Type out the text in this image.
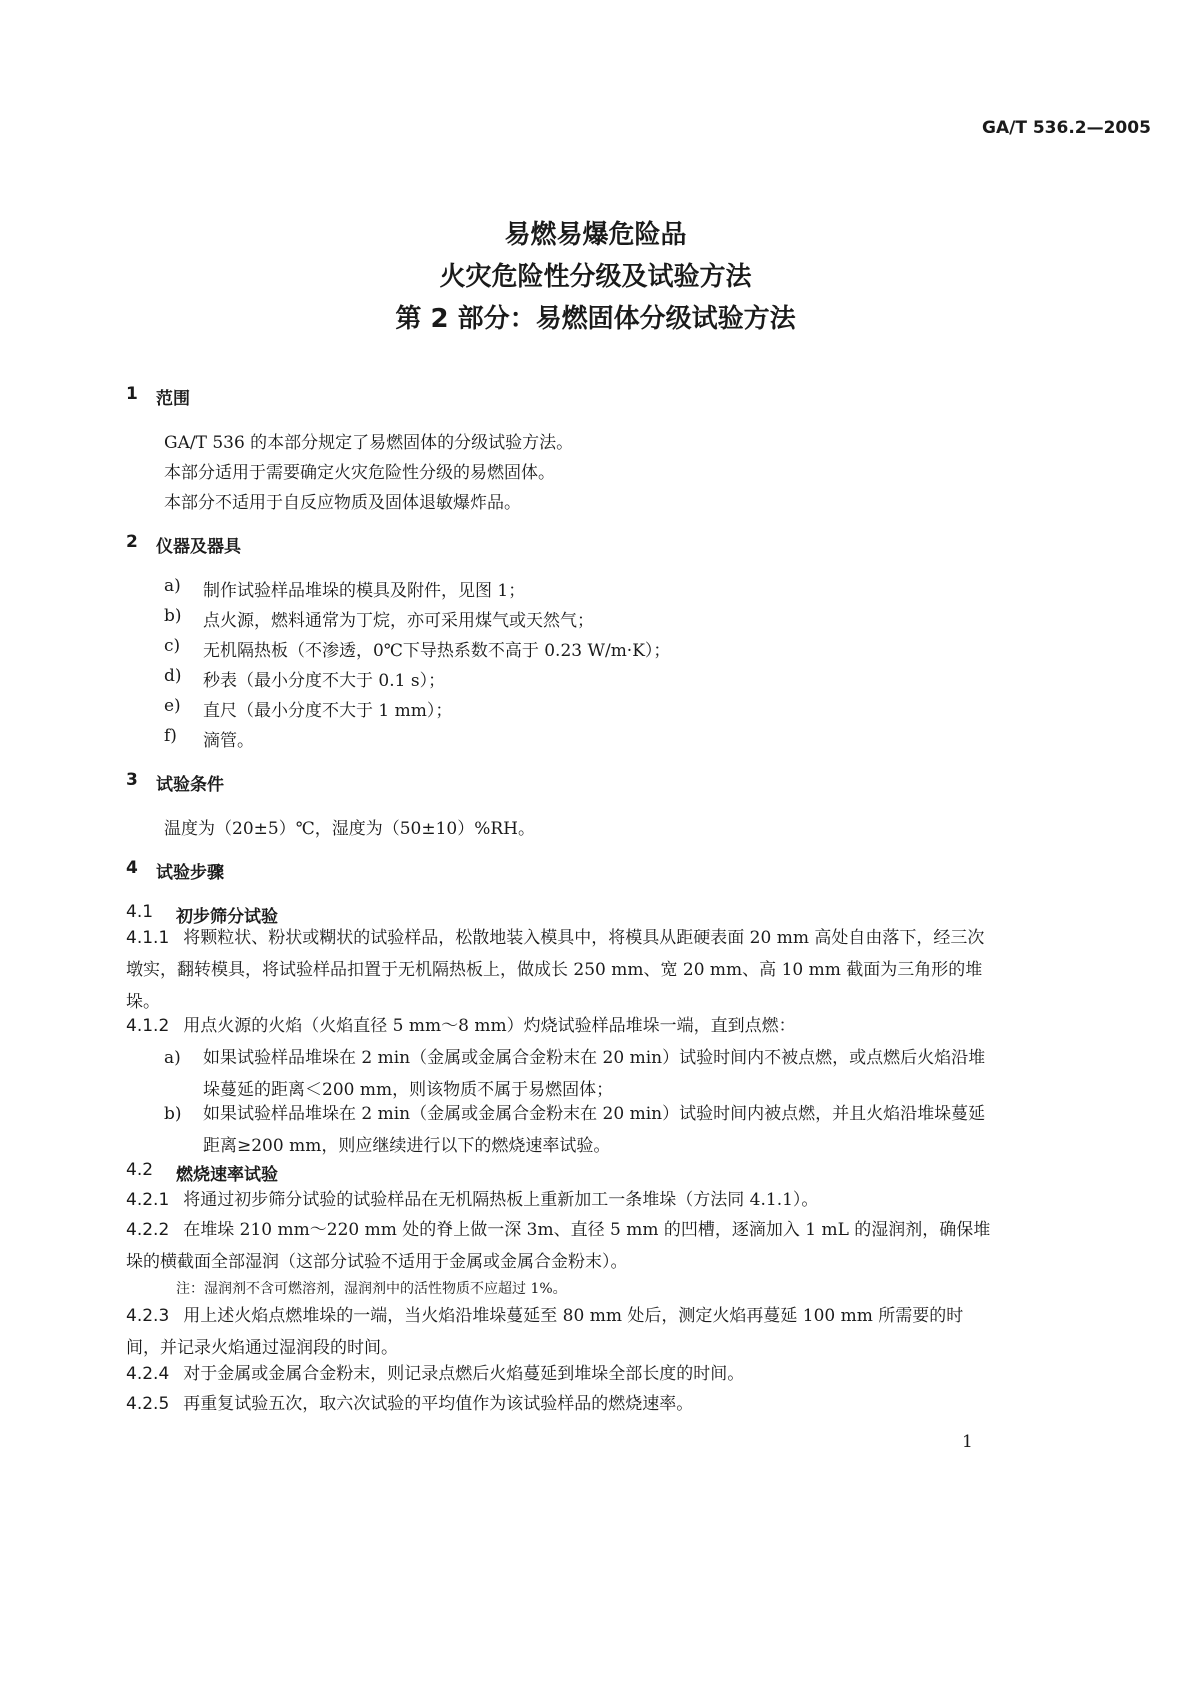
GA/T 536.2—2005
易燃易爆危险品
火灾危险性分级及试验方法
第 2 部分：易燃固体分级试验方法
1 范围
GA/T 536 的本部分规定了易燃固体的分级试验方法。
本部分适用于需要确定火灾危险性分级的易燃固体。
本部分不适用于自反应物质及固体退敏爆炸品。
2 仪器及器具
a) 制作试验样品堆垛的模具及附件，见图 1；
b) 点火源，燃料通常为丁烷，亦可采用煤气或天然气；
c) 无机隔热板（不渗透，0℃下导热系数不高于 0.23 W/m·K）；
d) 秒表（最小分度不大于 0.1 s）；
e) 直尺（最小分度不大于 1 mm）；
f) 滴管。
3 试验条件
温度为（20±5）℃，湿度为（50±10）%RH。
4 试验步骤
4.1 初步筛分试验
4.1.1 将颗粒状、粉状或糊状的试验样品，松散地装入模具中，将模具从距硬表面 20 mm 高处自由落下，经三次墩实，翻转模具，将试验样品扣置于无机隔热板上，做成长 250 mm、宽 20 mm、高 10 mm 截面为三角形的堆垛。
4.1.2 用点火源的火焰（火焰直径 5 mm～8 mm）灼烧试验样品堆垛一端，直到点燃：
a) 如果试验样品堆垛在 2 min（金属或金属合金粉末在 20 min）试验时间内不被点燃，或点燃后火焰沿堆垛蔓延的距离＜200 mm，则该物质不属于易燃固体；
b) 如果试验样品堆垛在 2 min（金属或金属合金粉末在 20 min）试验时间内被点燃，并且火焰沿堆垛蔓延距离≥200 mm，则应继续进行以下的燃烧速率试验。
4.2 燃烧速率试验
4.2.1 将通过初步筛分试验的试验样品在无机隔热板上重新加工一条堆垛（方法同 4.1.1）。
4.2.2 在堆垛 210 mm～220 mm 处的脊上做一深 3m、直径 5 mm 的凹槽，逐滴加入 1 mL 的湿润剂，确保堆垛的横截面全部湿润（这部分试验不适用于金属或金属合金粉末）。
注：湿润剂不含可燃溶剂，湿润剂中的活性物质不应超过 1%。
4.2.3 用上述火焰点燃堆垛的一端，当火焰沿堆垛蔓延至 80 mm 处后，测定火焰再蔓延 100 mm 所需要的时间，并记录火焰通过湿润段的时间。
4.2.4 对于金属或金属合金粉末，则记录点燃后火焰蔓延到堆垛全部长度的时间。
4.2.5 再重复试验五次，取六次试验的平均值作为该试验样品的燃烧速率。
1
